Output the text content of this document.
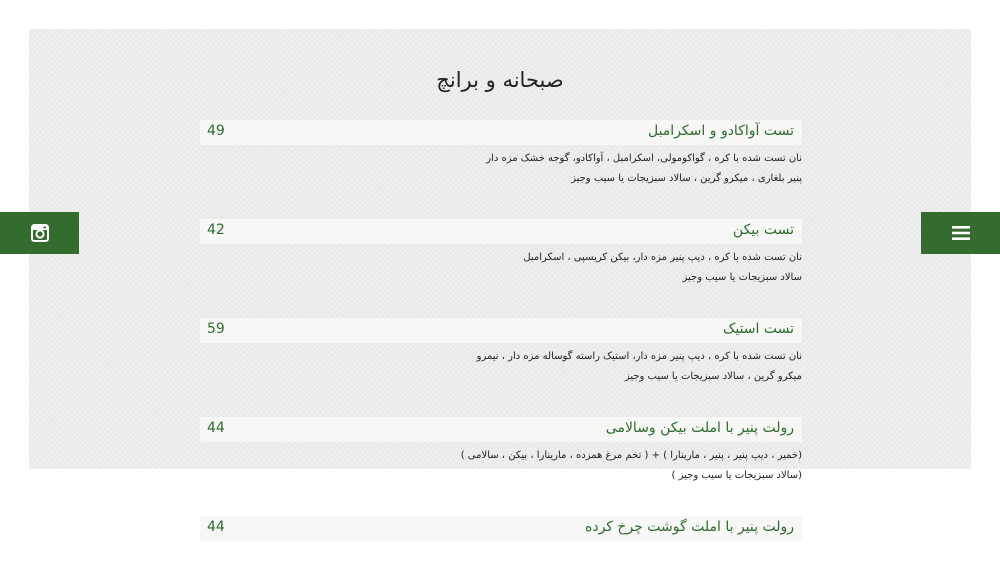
صبحانه و برانچ
تست آواکادو و اسکرامبل
49
نان تست شده با کره ، گواکومولی، اسکرامبل ، آواکادو، گوجه خشک مزه دار
پنیر بلغاری ، میکرو گرین ، سالاد سبزیجات یا سیب وجیز
تست بیکن
42
نان تست شده با کره ، دیپ پنیر مزه دار، بیکن کریسپی ، اسکرامبل
سالاد سبزیجات یا سیب وجیز
تست استیک
59
نان تست شده با کره ، دیپ پنیر مزه دار، استیک راسته گوساله مزه دار ، نیمرو
میکرو گرین ، سالاد سبزیجات یا سیب وجیز
رولت پنیر با املت بیکن وسالامی
44
(خمیر ، دیپ پنیر ، پنیر ، مارینارا ) + ( تخم مرغ همزده ، مارینارا ، بیکن ، سالامی )
(سالاد سبزیجات یا سیب وجیز )
رولت پنیر با املت گوشت چرخ کرده
44
